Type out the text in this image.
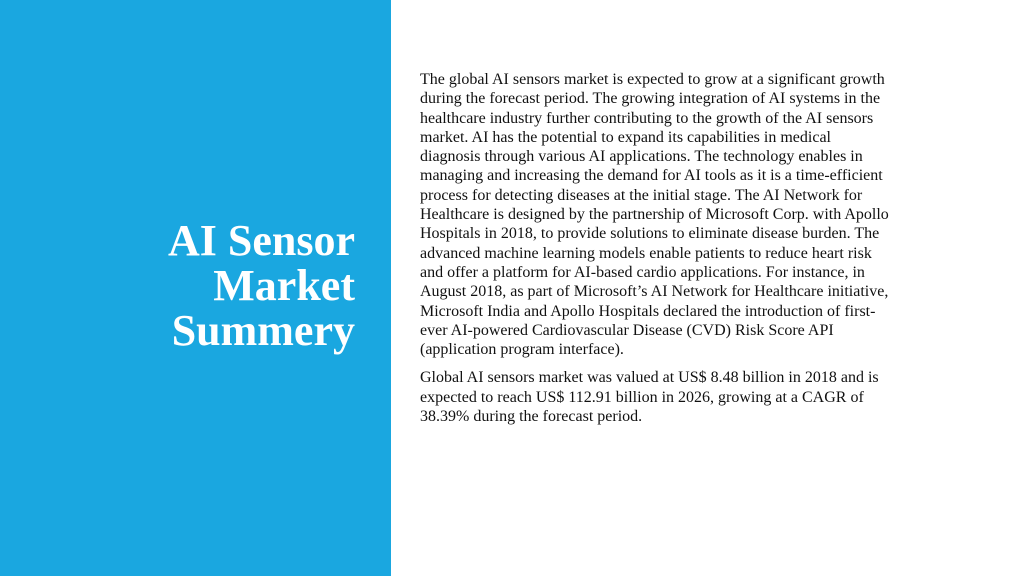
AI Sensor
Market
Summery

The global AI sensors market is expected to grow at a significant growth
during the forecast period. The growing integration of AI systems in the
healthcare industry further contributing to the growth of the AI sensors
market. AI has the potential to expand its capabilities in medical
diagnosis through various AI applications. The technology enables in
managing and increasing the demand for AI tools as it is a time-efficient
process for detecting diseases at the initial stage. The AI Network for
Healthcare is designed by the partnership of Microsoft Corp. with Apollo
Hospitals in 2018, to provide solutions to eliminate disease burden. The
advanced machine learning models enable patients to reduce heart risk
and offer a platform for AI-based cardio applications. For instance, in
August 2018, as part of Microsoft’s AI Network for Healthcare initiative,
Microsoft India and Apollo Hospitals declared the introduction of first-
ever AI-powered Cardiovascular Disease (CVD) Risk Score API
(application program interface).

Global AI sensors market was valued at US$ 8.48 billion in 2018 and is
expected to reach US$ 112.91 billion in 2026, growing at a CAGR of
38.39% during the forecast period.
